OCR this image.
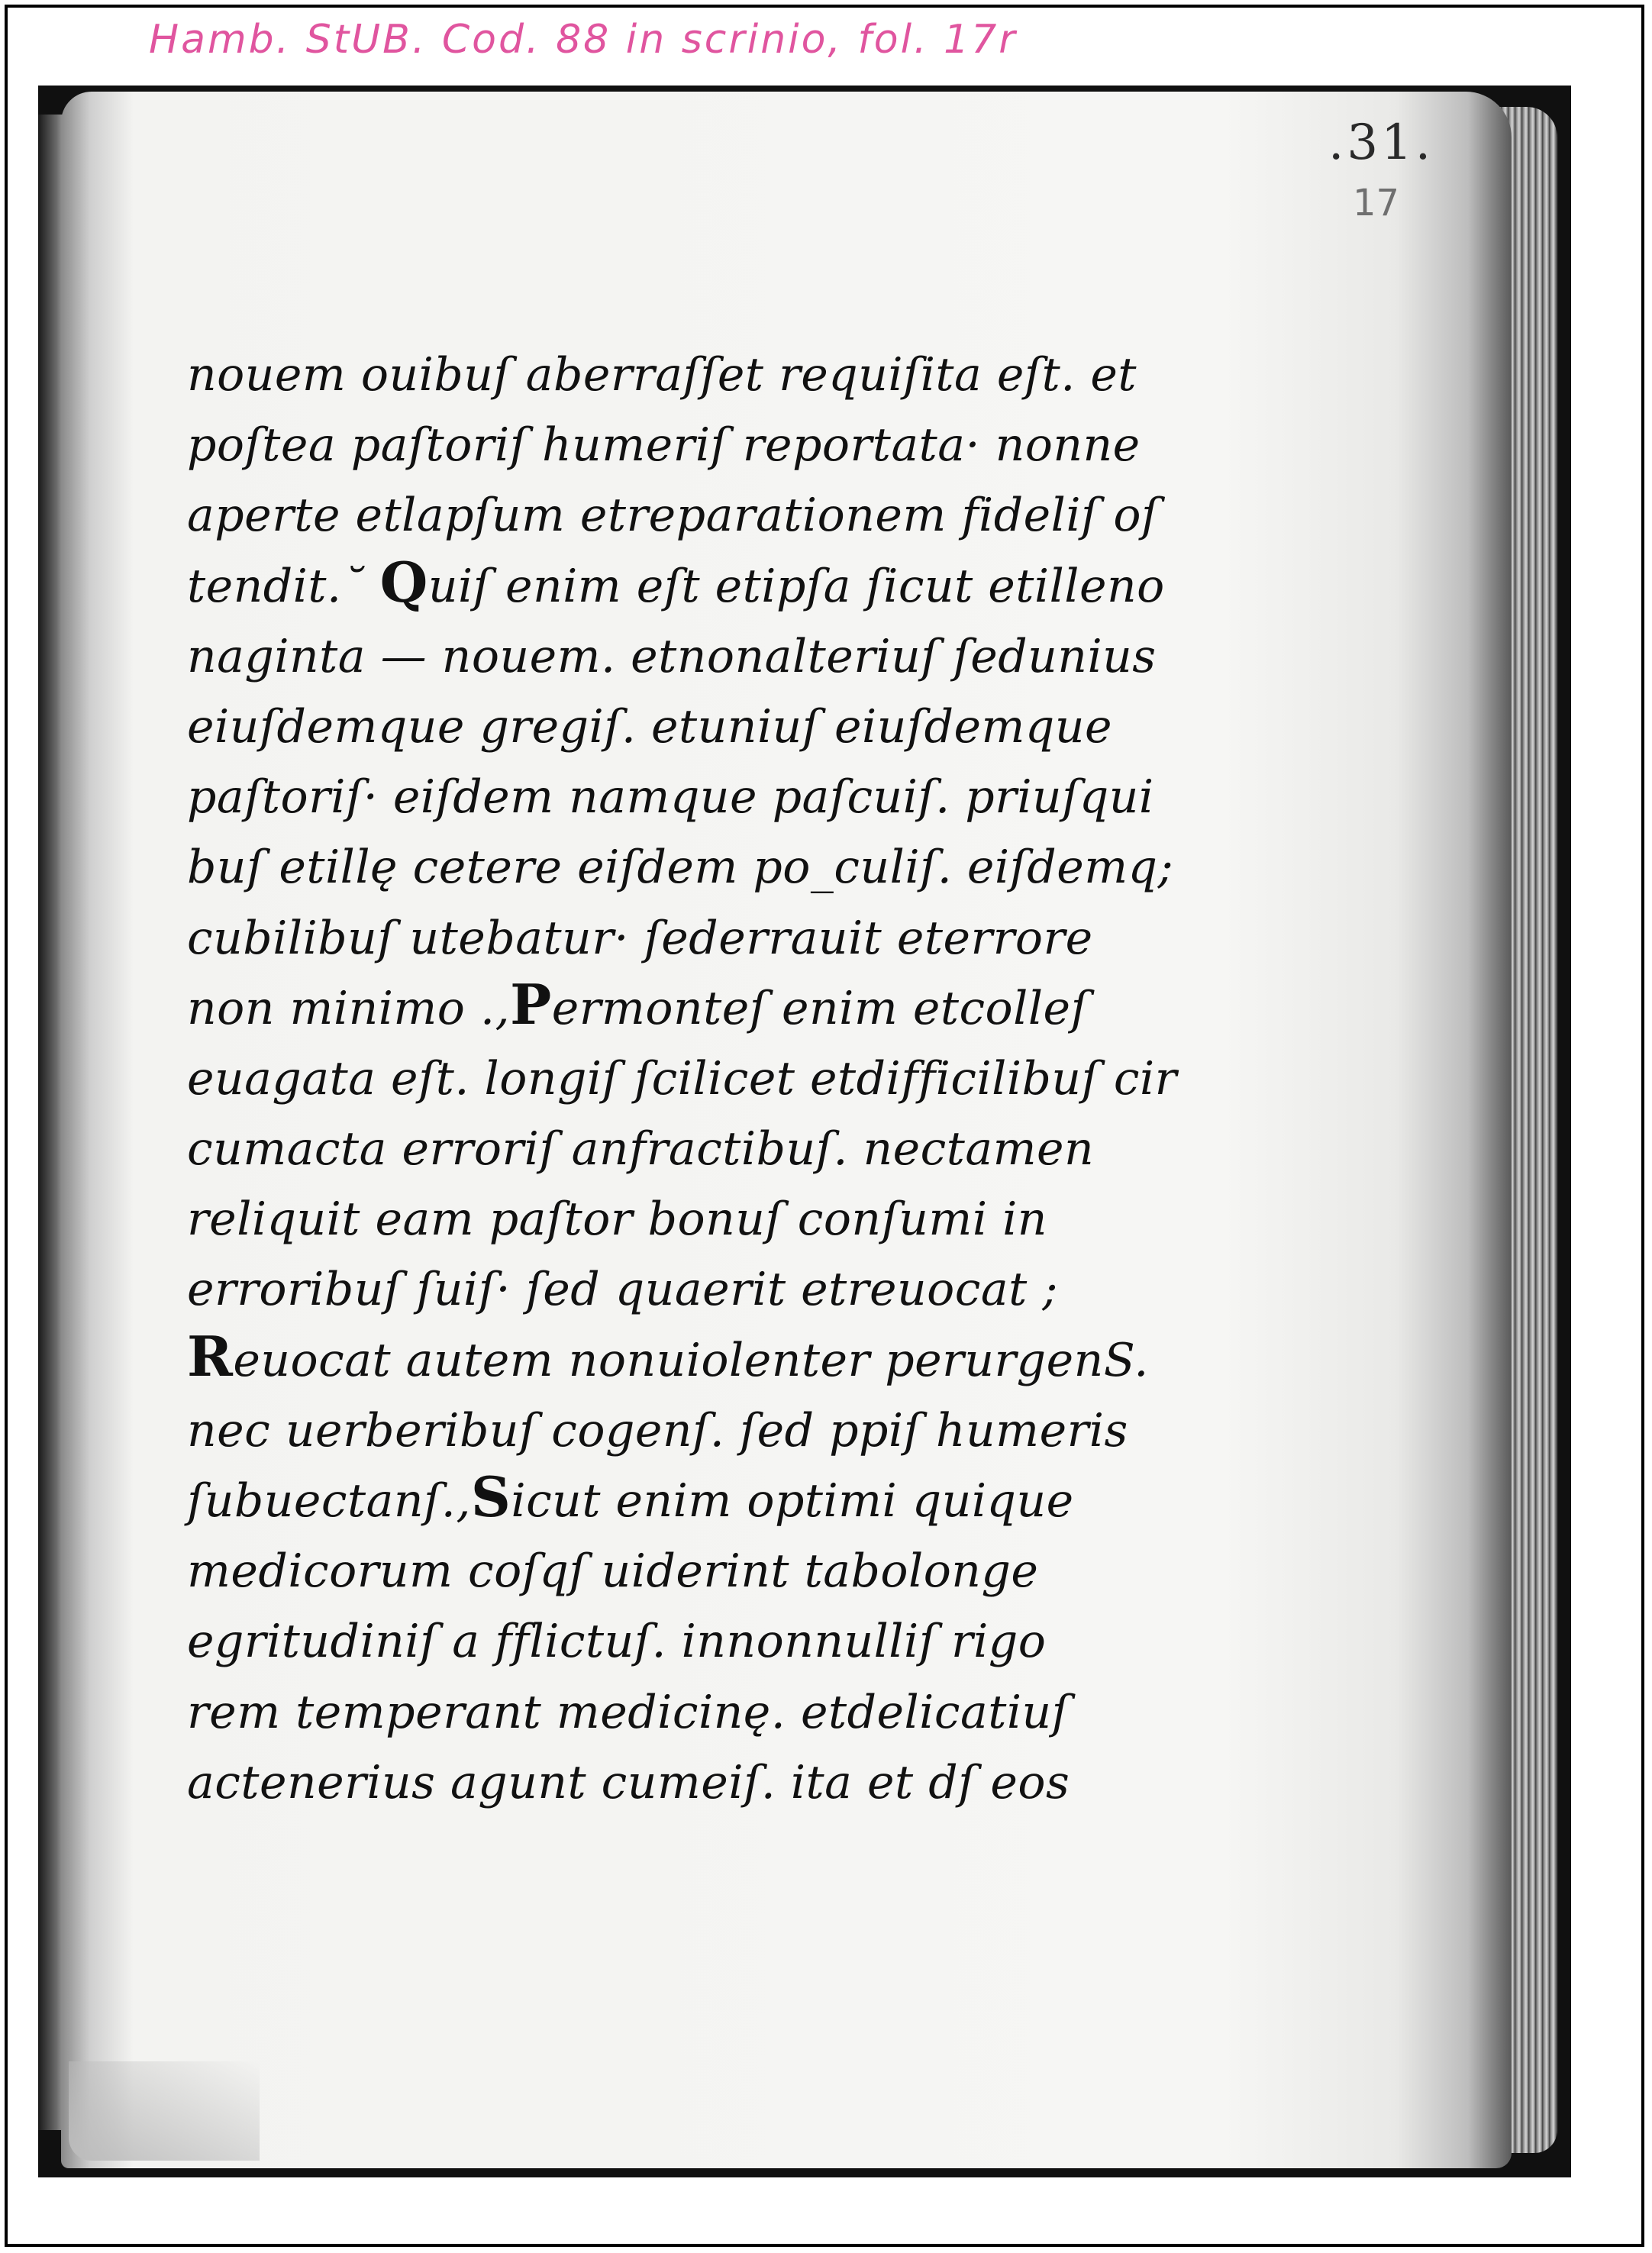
Hamb. StUB. Cod. 88 in scrinio, fol. 17r
.31.
17
nouem ouibuſ aberraſſet requiſita eſt. et
poſtea paſtoriſ humeriſ reportata· nonne
aperte etlapſum etreparationem fideliſ oſ
tendit.˘ Quiſ enim eſt etipſa ſicut etilleno
naginta — nouem. etnonalteriuſ ſedunius
eiuſdemque gregiſ. etuniuſ eiuſdemque
paſtoriſ· eiſdem namque paſcuiſ. priuſqui
buſ etillę cetere eiſdem po_culiſ. eiſdemq;
cubilibuſ utebatur· ſederrauit eterrore
non minimo .,Permonteſ enim etcolleſ
euagata eſt. longiſ ſcilicet etdifficilibuſ cir
cumacta erroriſ anfractibuſ. nectamen
reliquit eam paſtor bonuſ conſumi in
erroribuſ ſuiſ· ſed quaerit etreuocat ;
Reuocat autem nonuiolenter perurgenS.
nec uerberibuſ cogenſ. ſed ppiſ humeris
ſubuectanſ.,Sicut enim optimi quique
medicorum coſqſ uiderint tabolonge
egritudiniſ a fflictuſ. innonnulliſ rigo
rem temperant medicinę. etdelicatiuſ
actenerius agunt cumeiſ. ita et dſ eos
